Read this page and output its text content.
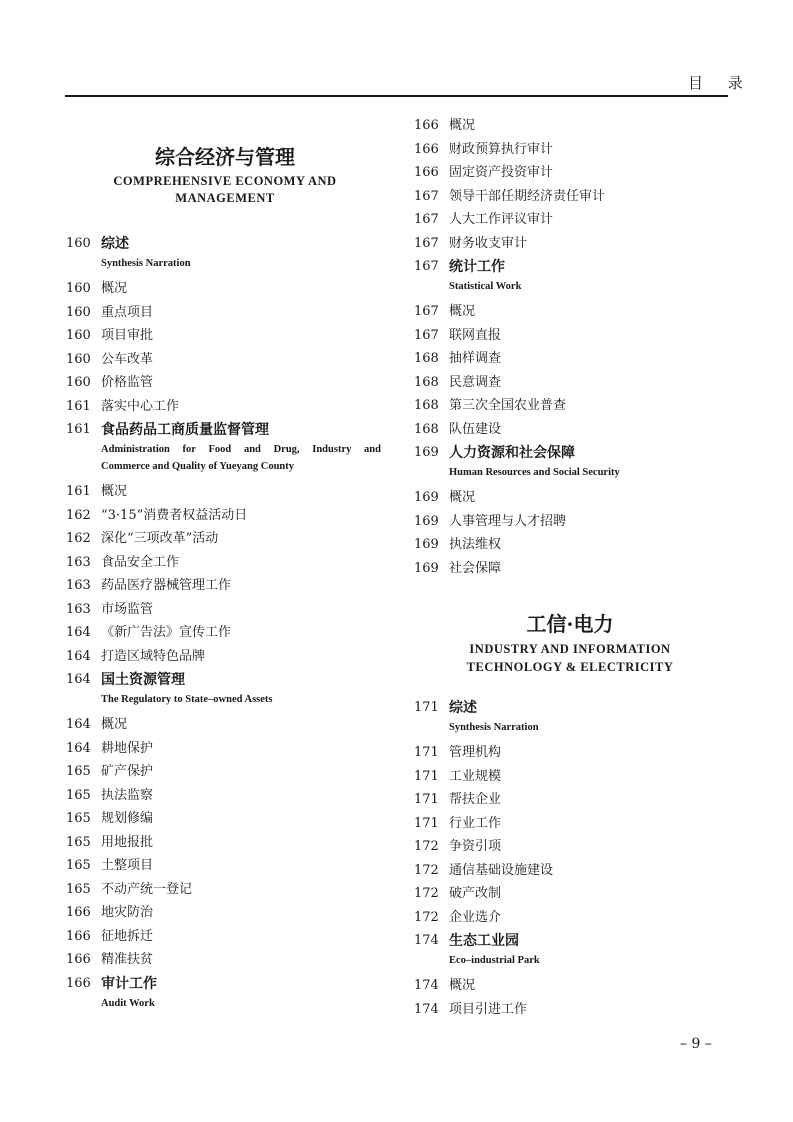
目 录
综合经济与管理
COMPREHENSIVE ECONOMY AND
MANAGEMENT
160 综述
Synthesis Narration
160 概况
160 重点项目
160 项目审批
160 公车改革
160 价格监管
161 落实中心工作
161 食品药品工商质量监督管理
Administration for Food and Drug, Industry and
Commerce and Quality of Yueyang County
161 概况
162 “3·15”消费者权益活动日
162 深化“三项改革”活动
163 食品安全工作
163 药品医疗器械管理工作
163 市场监管
164 《新广告法》宣传工作
164 打造区域特色品牌
164 国土资源管理
The Regulatory to State–owned Assets
164 概况
164 耕地保护
165 矿产保护
165 执法监察
165 规划修编
165 用地报批
165 土整项目
165 不动产统一登记
166 地灾防治
166 征地拆迁
166 精准扶贫
166 审计工作
Audit Work
166 概况
166 财政预算执行审计
166 固定资产投资审计
167 领导干部任期经济责任审计
167 人大工作评议审计
167 财务收支审计
167 统计工作
Statistical Work
167 概况
167 联网直报
168 抽样调查
168 民意调查
168 第三次全国农业普查
168 队伍建设
169 人力资源和社会保障
Human Resources and Social Security
169 概况
169 人事管理与人才招聘
169 执法维权
169 社会保障
工信·电力
INDUSTRY AND INFORMATION
TECHNOLOGY & ELECTRICITY
171 综述
Synthesis Narration
171 管理机构
171 工业规模
171 帮扶企业
171 行业工作
172 争资引项
172 通信基础设施建设
172 破产改制
172 企业选介
174 生态工业园
Eco–industrial Park
174 概况
174 项目引进工作
– 9 –
